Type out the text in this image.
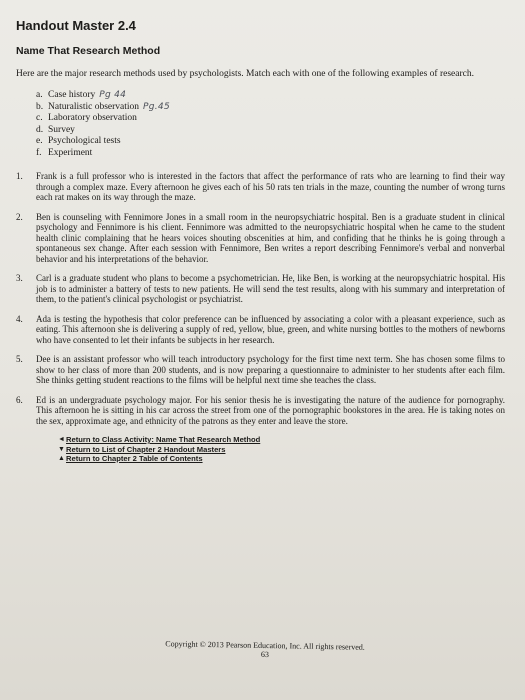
Handout Master 2.4
Name That Research Method

Here are the major research methods used by psychologists. Match each with one of the following examples of research.

a. Case history Pg 44
b. Naturalistic observation Pg.45
c. Laboratory observation
d. Survey
e. Psychological tests
f. Experiment
1.	Frank is a full professor who is interested in the factors that affect the performance of rats who are learning to find their way through a complex maze. Every afternoon he gives each of his 50 rats ten trials in the maze, counting the number of wrong turns each rat makes on its way through the maze.
2.	Ben is counseling with Fennimore Jones in a small room in the neuropsychiatric hospital. Ben is a graduate student in clinical psychology and Fennimore is his client. Fennimore was admitted to the neuropsychiatric hospital when he came to the student health clinic complaining that he hears voices shouting obscenities at him, and confiding that he thinks he is going through a spontaneous sex change. After each session with Fennimore, Ben writes a report describing Fennimore's verbal and nonverbal behavior and his interpretations of the behavior.
3.	Carl is a graduate student who plans to become a psychometrician. He, like Ben, is working at the neuropsychiatric hospital. His job is to administer a battery of tests to new patients. He will send the test results, along with his summary and interpretation of them, to the patient's clinical psychologist or psychiatrist.
4.	Ada is testing the hypothesis that color preference can be influenced by associating a color with a pleasant experience, such as eating. This afternoon she is delivering a supply of red, yellow, blue, green, and white nursing bottles to the mothers of newborns who have consented to let their infants be subjects in her research.
5.	Dee is an assistant professor who will teach introductory psychology for the first time next term. She has chosen some films to show to her class of more than 200 students, and is now preparing a questionnaire to administer to her students after each film. She thinks getting student reactions to the films will be helpful next time she teaches the class.
6.	Ed is an undergraduate psychology major. For his senior thesis he is investigating the nature of the audience for pornography. This afternoon he is sitting in his car across the street from one of the pornographic bookstores in the area. He is taking notes on the sex, approximate age, and ethnicity of the patrons as they enter and leave the store.
◄ Return to Class Activity: Name That Research Method
▼ Return to List of Chapter 2 Handout Masters
▲ Return to Chapter 2 Table of Contents
Copyright © 2013 Pearson Education, Inc. All rights reserved.
63
